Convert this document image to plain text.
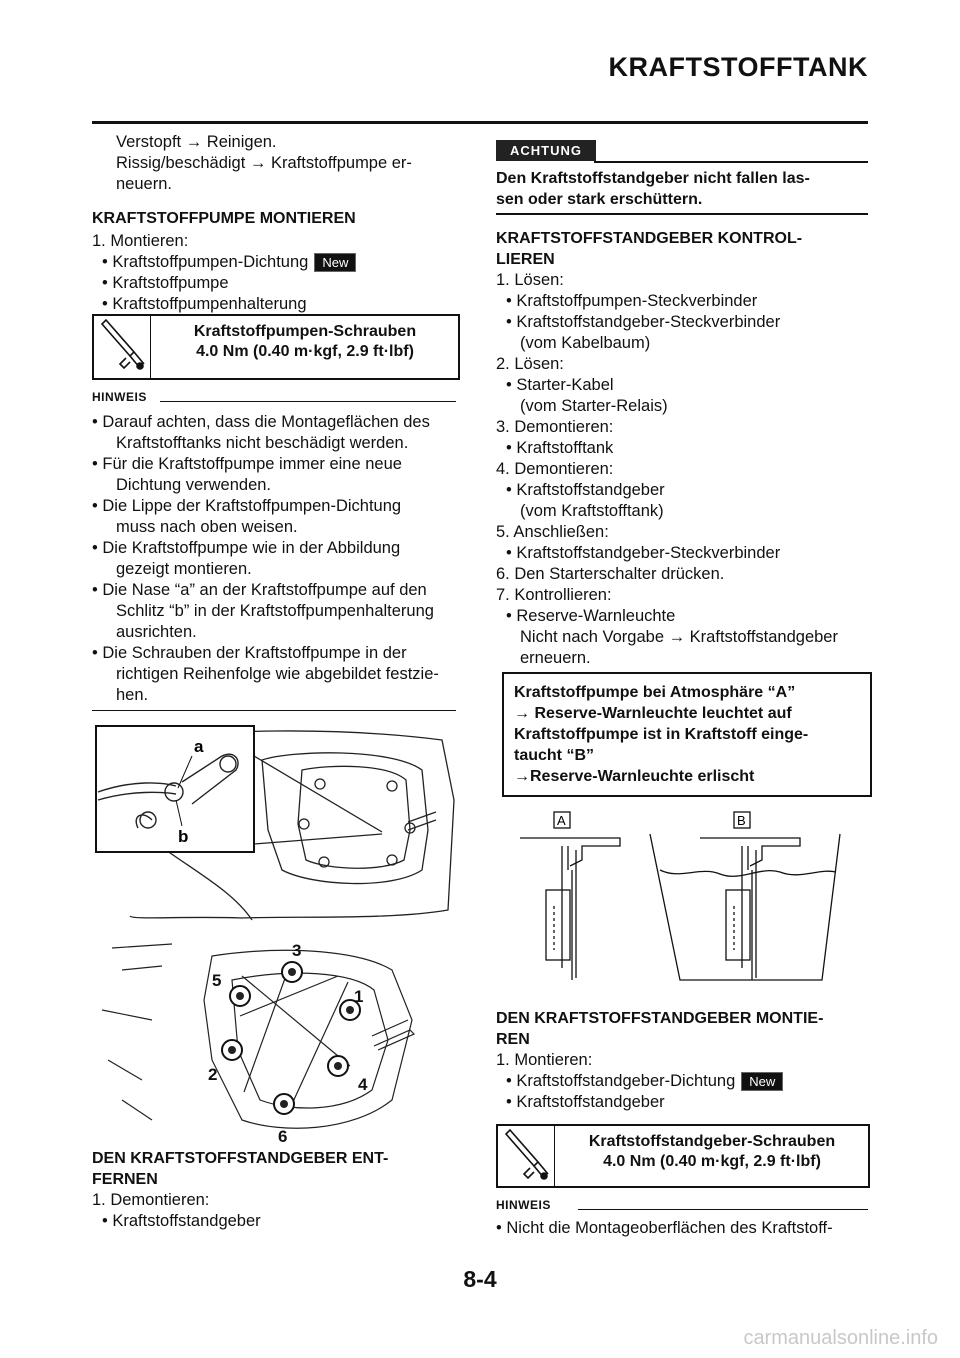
KRAFTSTOFFTANK

Verstopft → Reinigen.

Rissig/beschädigt → Kraftstoffpumpe er-

neuern.

KRAFTSTOFFPUMPE MONTIEREN

1. Montieren:

• Kraftstoffpumpen-Dichtung New

• Kraftstoffpumpe

• Kraftstoffpumpenhalterung

Kraftstoffpumpen-Schrauben
4.0 Nm (0.40 m·kgf, 2.9 ft·lbf)
HINWEIS

• Darauf achten, dass die Montageflächen des

Kraftstofftanks nicht beschädigt werden.

• Für die Kraftstoffpumpe immer eine neue

Dichtung verwenden.

• Die Lippe der Kraftstoffpumpen-Dichtung

muss nach oben weisen.

• Die Kraftstoffpumpe wie in der Abbildung

gezeigt montieren.

• Die Nase “a” an der Kraftstoffpumpe auf den

Schlitz “b” in der Kraftstoffpumpenhalterung

ausrichten.

• Die Schrauben der Kraftstoffpumpe in der

richtigen Reihenfolge wie abgebildet festzie-

hen.

a
b
3
5
1
2
4
6

DEN KRAFTSTOFFSTANDGEBER ENT-

FERNEN

1. Demontieren:

• Kraftstoffstandgeber

ACHTUNG

Den Kraftstoffstandgeber nicht fallen las-

sen oder stark erschüttern.

KRAFTSTOFFSTANDGEBER KONTROL-

LIEREN

1. Lösen:

• Kraftstoffpumpen-Steckverbinder

• Kraftstoffstandgeber-Steckverbinder

(vom Kabelbaum)

2. Lösen:

• Starter-Kabel

(vom Starter-Relais)

3. Demontieren:

• Kraftstofftank

4. Demontieren:

• Kraftstoffstandgeber

(vom Kraftstofftank)

5. Anschließen:

• Kraftstoffstandgeber-Steckverbinder

6. Den Starterschalter drücken.

7. Kontrollieren:

• Reserve-Warnleuchte

Nicht nach Vorgabe → Kraftstoffstandgeber

erneuern.

Kraftstoffpumpe bei Atmosphäre “A”
→ Reserve-Warnleuchte leuchtet auf
Kraftstoffpumpe ist in Kraftstoff einge-
taucht “B”
→Reserve-Warnleuchte erlischt
A	B

DEN KRAFTSTOFFSTANDGEBER MONTIE-

REN

1. Montieren:

• Kraftstoffstandgeber-Dichtung New

• Kraftstoffstandgeber

Kraftstoffstandgeber-Schrauben
4.0 Nm (0.40 m·kgf, 2.9 ft·lbf)
HINWEIS

• Nicht die Montageoberflächen des Kraftstoff-

8-4
carmanualsonline.info
